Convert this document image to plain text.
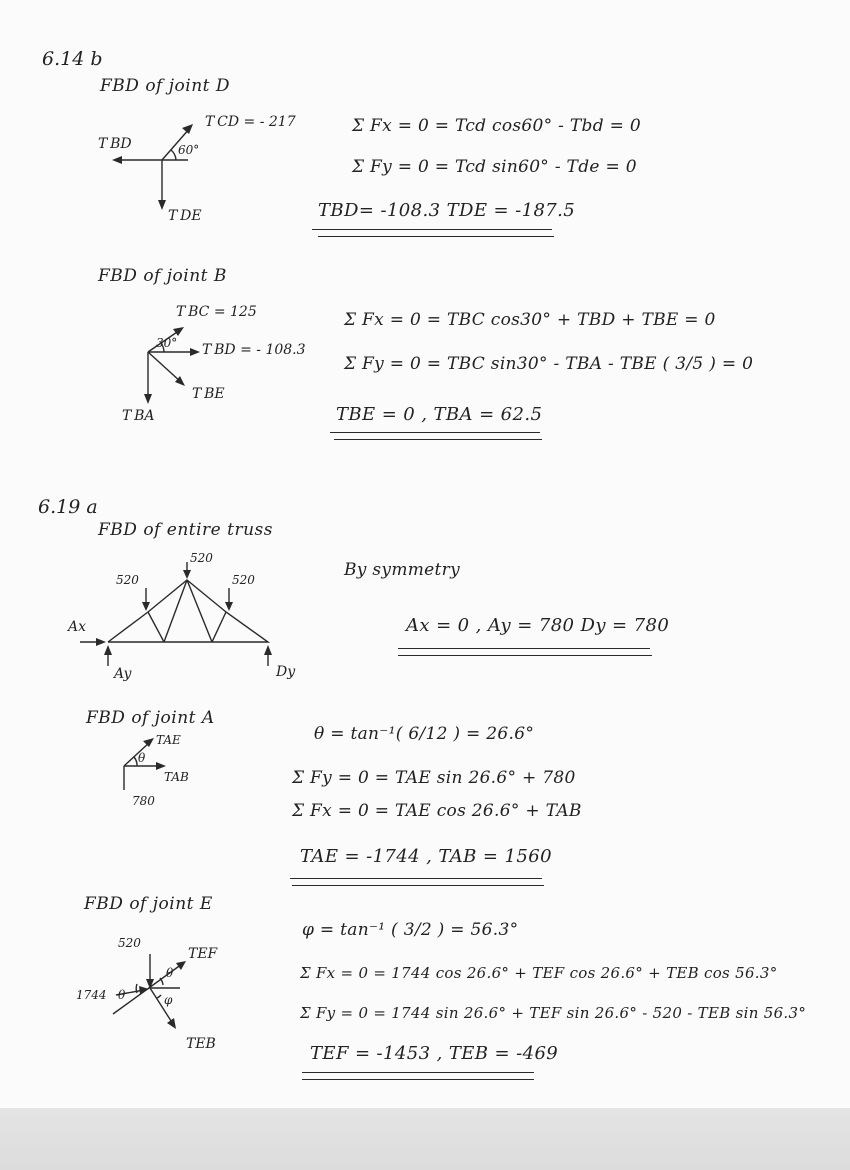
6.14 b
FBD of joint D
T BD
T CD = - 217
60°
T DE
Σ Fx = 0 = Tcd cos60° - Tbd = 0
Σ Fy = 0 = Tcd sin60° - Tde = 0
TBD= -108.3 TDE = -187.5
FBD of joint B
T BC = 125
30° T BD = - 108.3
T BE
T BA
Σ Fx = 0 = TBC cos30° + TBD + TBE = 0
Σ Fy = 0 = TBC sin30° - TBA - TBE ( 3/5 ) = 0
TBE = 0 , TBA = 62.5
6.19 a
FBD of entire truss
520
520
520
Ax
Ay	Dy
By symmetry
Ax = 0 , Ay = 780 Dy = 780
FBD of joint A
TAE
θ
TAB
780
θ = tan⁻¹( 6/12 ) = 26.6°
Σ Fy = 0 = TAE sin 26.6° + 780
Σ Fx = 0 = TAE cos 26.6° + TAB
TAE = -1744 , TAB = 1560
FBD of joint E
520
TEF
1744 θ
θ
φ
TEB
φ = tan⁻¹ ( 3/2 ) = 56.3°
Σ Fx = 0 = 1744 cos 26.6° + TEF cos 26.6° + TEB cos 56.3°
Σ Fy = 0 = 1744 sin 26.6° + TEF sin 26.6° - 520 - TEB sin 56.3°
TEF = -1453 , TEB = -469
